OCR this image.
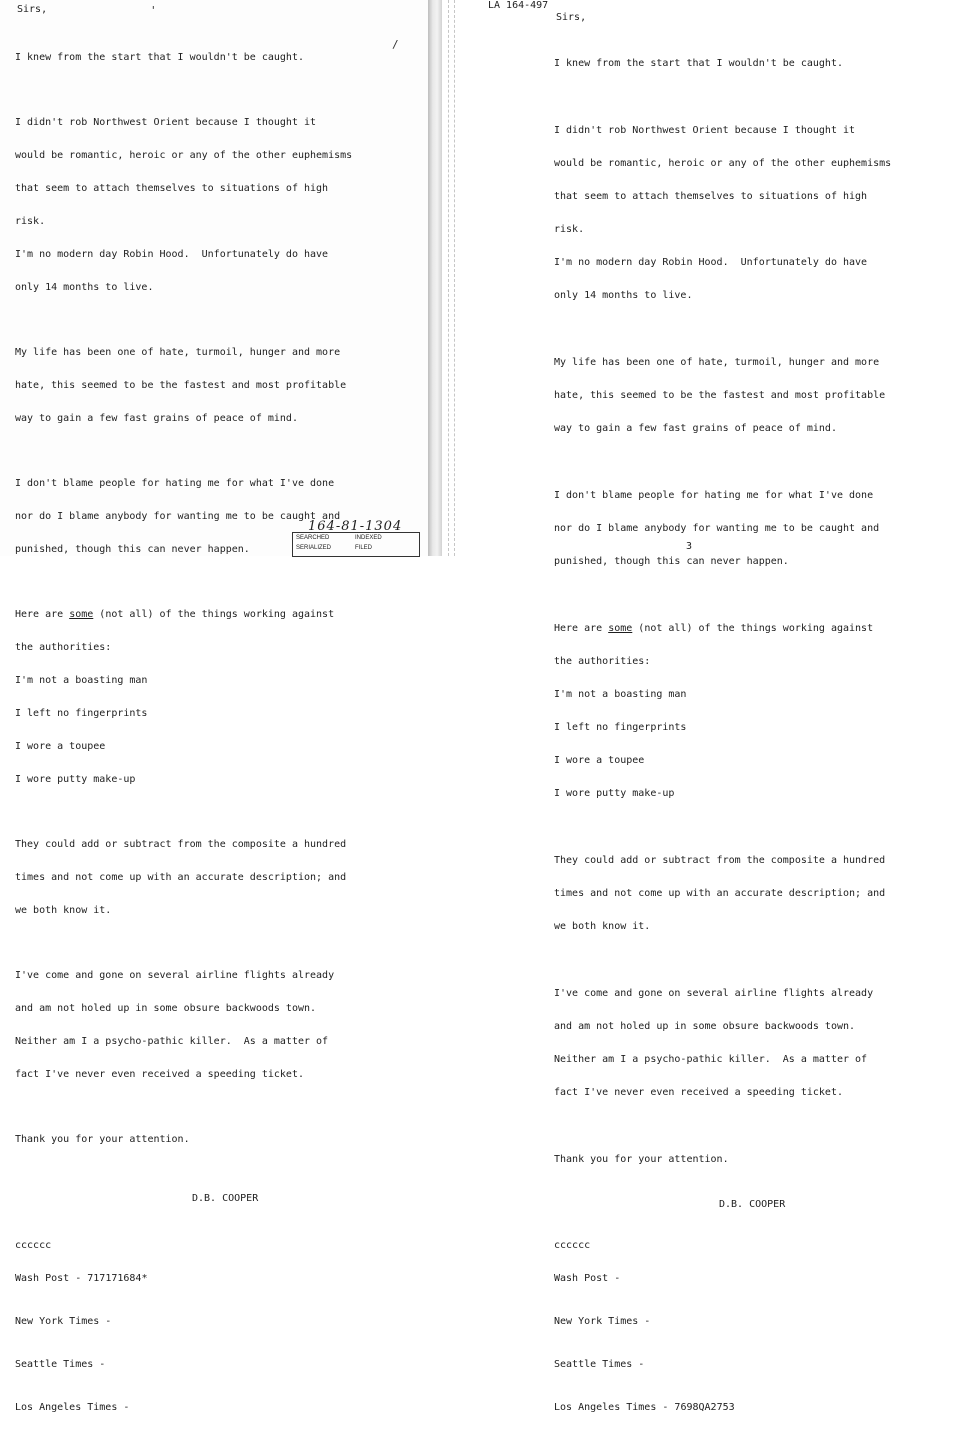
'
/
Sirs,

I knew from the start that I wouldn't be caught.

I didn't rob Northwest Orient because I thought it

would be romantic, heroic or any of the other euphemisms

that seem to attach themselves to situations of high

risk.

I'm no modern day Robin Hood.  Unfortunately do have

only 14 months to live.

My life has been one of hate, turmoil, hunger and more

hate, this seemed to be the fastest and most profitable

way to gain a few fast grains of peace of mind.

I don't blame people for hating me for what I've done

nor do I blame anybody for wanting me to be caught and

punished, though this can never happen.

Here are some (not all) of the things working against

the authorities:

I'm not a boasting man

I left no fingerprints

I wore a toupee

I wore putty make-up

They could add or subtract from the composite a hundred

times and not come up with an accurate description; and

we both know it.

I've come and gone on several airline flights already

and am not holed up in some obsure backwoods town.

Neither am I a psycho-pathic killer.  As a matter of

fact I've never even received a speeding ticket.

Thank you for your attention.

D.B. COOPER

cccccc

Wash Post - 717171684*

New York Times -

Seattle Times -

Los Angeles Times -

164-81-1304
SEARCHED	INDEXED
SERIALIZED	FILED
LA 164-497
Sirs,

I knew from the start that I wouldn't be caught.

I didn't rob Northwest Orient because I thought it

would be romantic, heroic or any of the other euphemisms

that seem to attach themselves to situations of high

risk.

I'm no modern day Robin Hood.  Unfortunately do have

only 14 months to live.

My life has been one of hate, turmoil, hunger and more

hate, this seemed to be the fastest and most profitable

way to gain a few fast grains of peace of mind.

I don't blame people for hating me for what I've done

nor do I blame anybody for wanting me to be caught and

punished, though this can never happen.

Here are some (not all) of the things working against

the authorities:

I'm not a boasting man

I left no fingerprints

I wore a toupee

I wore putty make-up

They could add or subtract from the composite a hundred

times and not come up with an accurate description; and

we both know it.

I've come and gone on several airline flights already

and am not holed up in some obsure backwoods town.

Neither am I a psycho-pathic killer.  As a matter of

fact I've never even received a speeding ticket.

Thank you for your attention.

D.B. COOPER

cccccc

Wash Post -

New York Times -

Seattle Times -

Los Angeles Times - 7698QA2753

3
